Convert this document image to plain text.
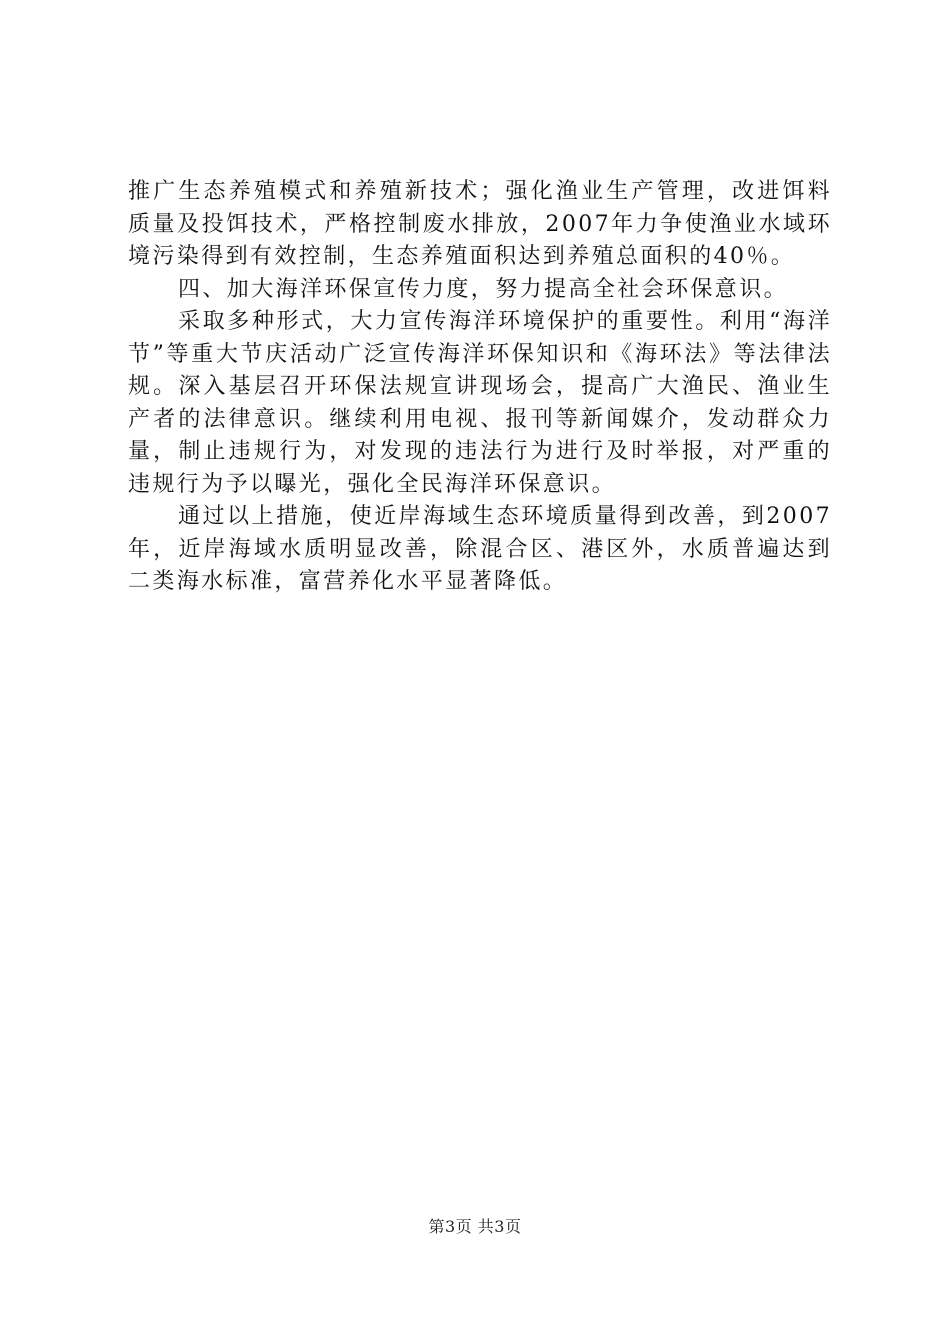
推广生态养殖模式和养殖新技术；强化渔业生产管理，改进饵料质量及投饵技术，严格控制废水排放，2007年力争使渔业水域环境污染得到有效控制，生态养殖面积达到养殖总面积的40％。

四、加大海洋环保宣传力度，努力提高全社会环保意识。

采取多种形式，大力宣传海洋环境保护的重要性。利用“海洋节”等重大节庆活动广泛宣传海洋环保知识和《海环法》等法律法规。深入基层召开环保法规宣讲现场会，提高广大渔民、渔业生产者的法律意识。继续利用电视、报刊等新闻媒介，发动群众力量，制止违规行为，对发现的违法行为进行及时举报，对严重的违规行为予以曝光，强化全民海洋环保意识。

通过以上措施，使近岸海域生态环境质量得到改善，到2007年，近岸海域水质明显改善，除混合区、港区外，水质普遍达到二类海水标准，富营养化水平显著降低。

第3页 共3页
